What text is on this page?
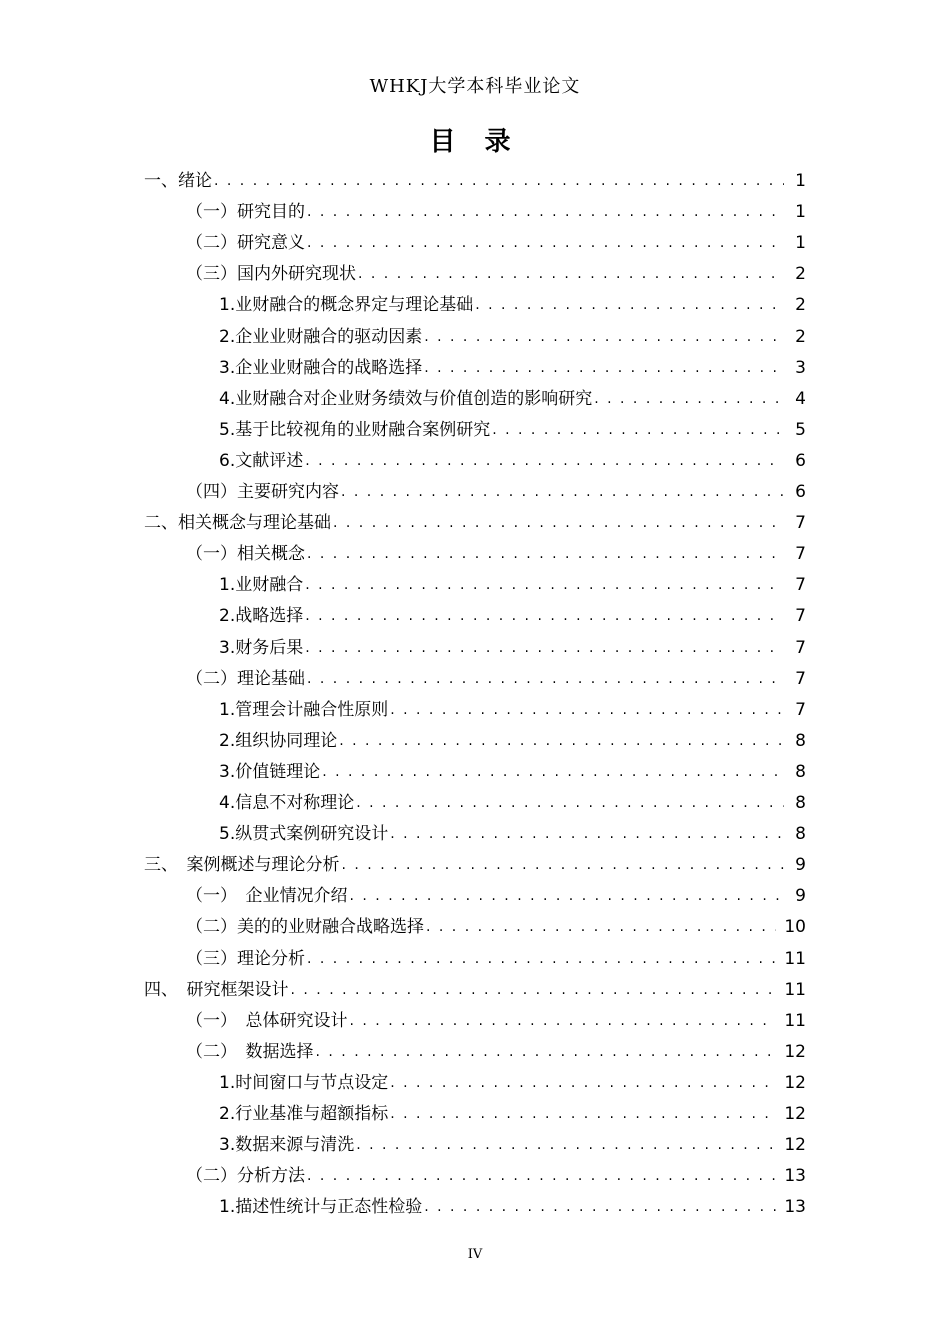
WHKJ大学本科毕业论文
目 录
一、绪论 . . .	1
（一）研究目的 . . .	1
（二）研究意义 . . .	1
（三）国内外研究现状 . . .	2
1.业财融合的概念界定与理论基础 . . .	2
2.企业业财融合的驱动因素 . . .	2
3.企业业财融合的战略选择 . . .	3
4.业财融合对企业财务绩效与价值创造的影响研究 . . .	4
5.基于比较视角的业财融合案例研究 . . .	5
6.文献评述 . . .	6
（四）主要研究内容 . . .	6
二、相关概念与理论基础 . . .	7
（一）相关概念 . . .	7
1.业财融合 . . .	7
2.战略选择 . . .	7
3.财务后果 . . .	7
（二）理论基础 . . .	7
1.管理会计融合性原则 . . .	7
2.组织协同理论 . . .	8
3.价值链理论 . . .	8
4.信息不对称理论 . . .	8
5.纵贯式案例研究设计 . . .	8
三、　案例概述与理论分析 . . .	9
（一）　企业情况介绍 . . .	9
（二）美的的业财融合战略选择 . . .	10
（三）理论分析 . . .	11
四、　研究框架设计 . . .	11
（一）　总体研究设计 . . .	11
（二）　数据选择 . . .	12
1.时间窗口与节点设定 . . .	12
2.行业基准与超额指标 . . .	12
3.数据来源与清洗 . . .	12
（二）分析方法 . . .	13
1.描述性统计与正态性检验 . . .	13
IV
